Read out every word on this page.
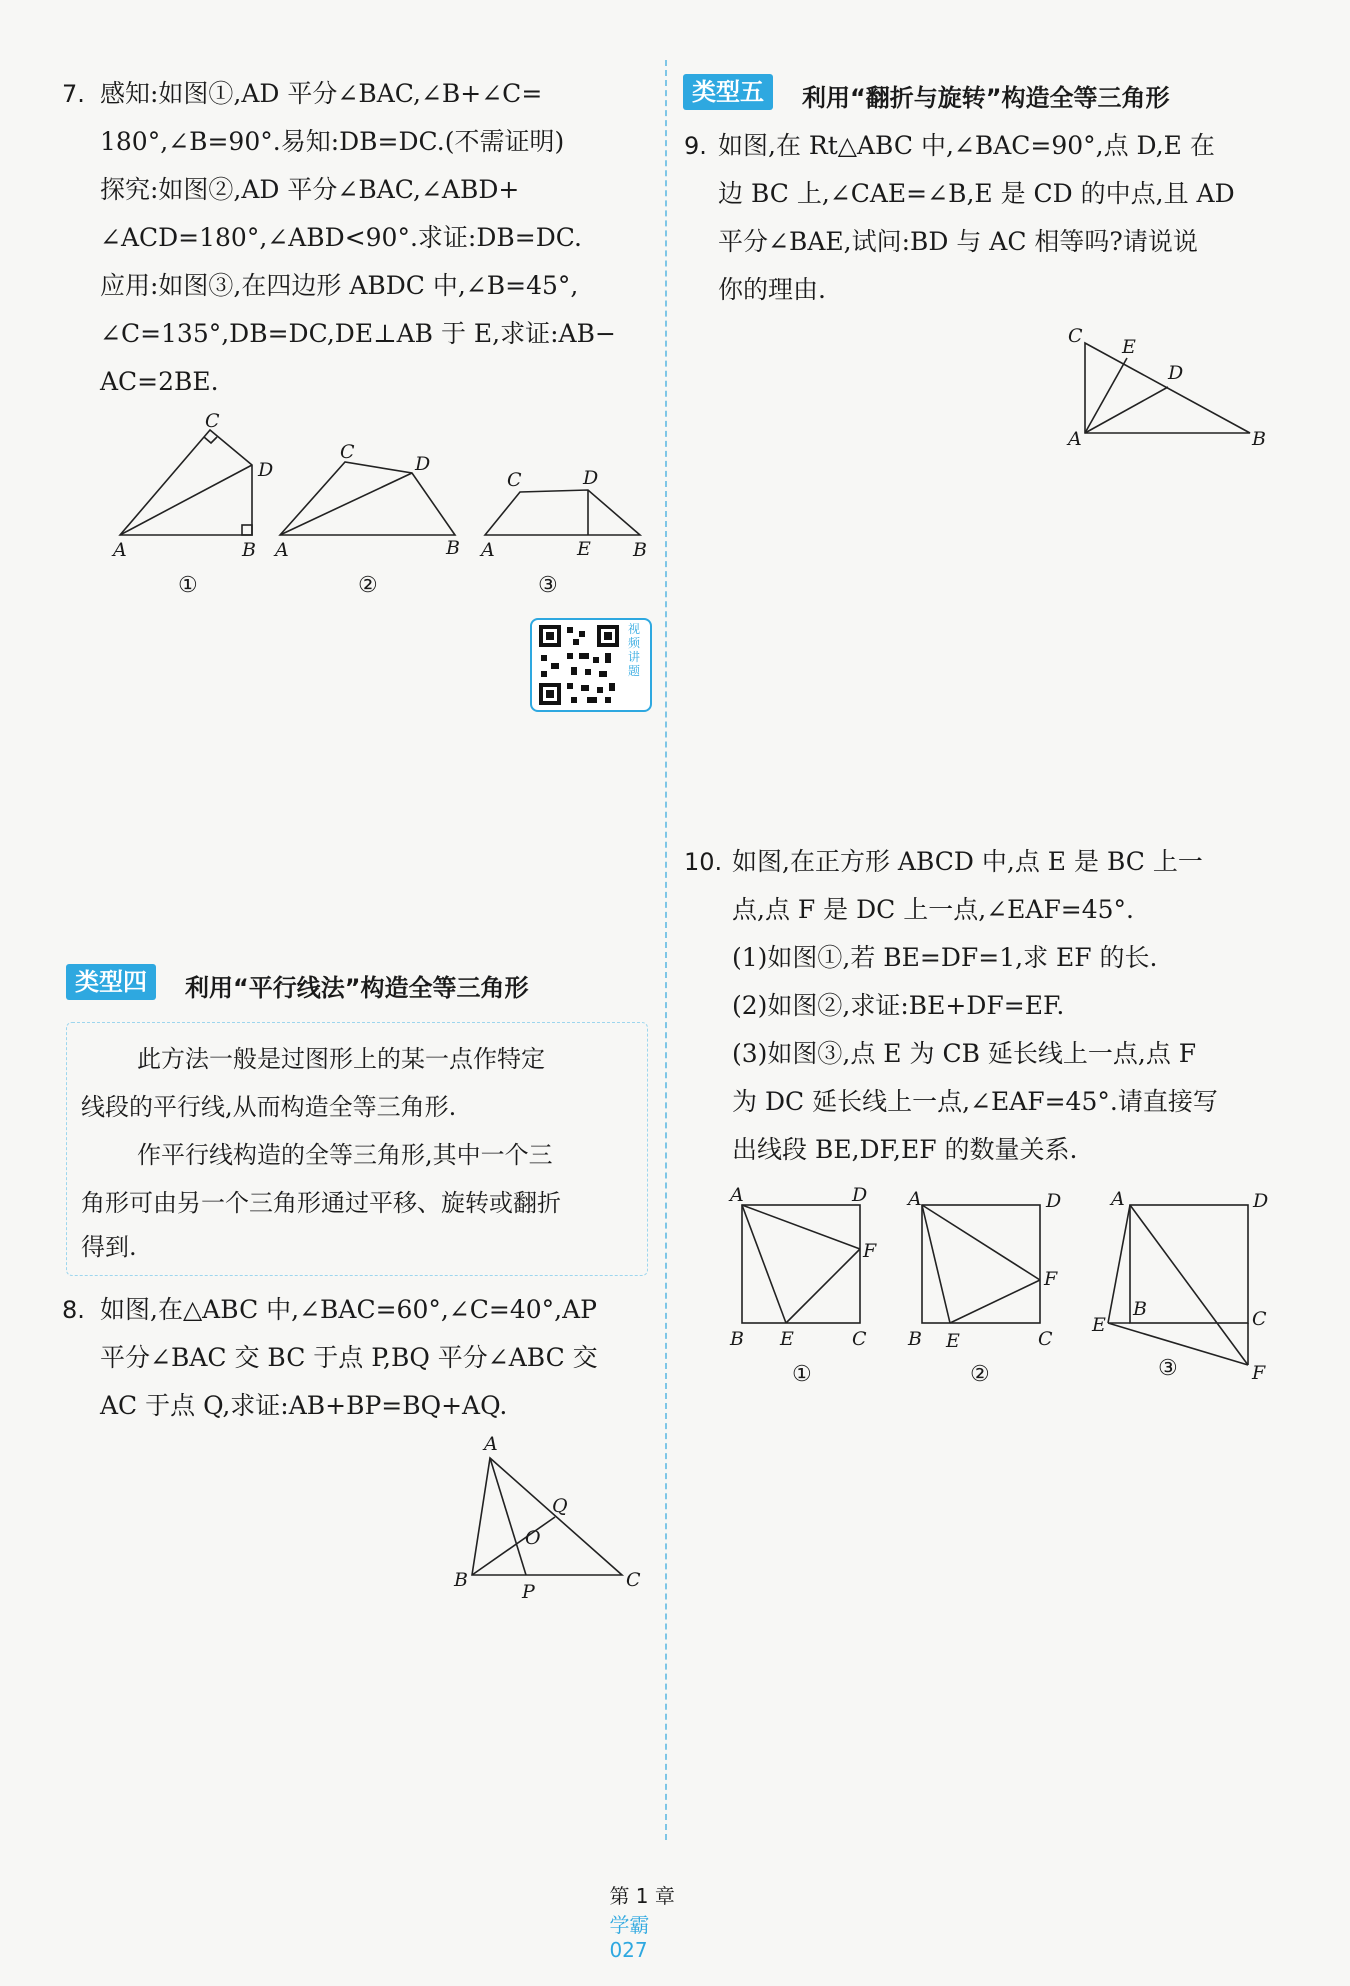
7. 感知:如图①,AD 平分∠BAC,∠B+∠C=
180°,∠B=90°.易知:DB=DC.(不需证明)
探究:如图②,AD 平分∠BAC,∠ABD+
∠ACD=180°,∠ABD<90°.求证:DB=DC.
应用:如图③,在四边形 ABDC 中,∠B=45°,
∠C=135°,DB=DC,DE⊥AB 于 E,求证:AB−
AC=2BE.
C
D
A	B
C
D
A	B
C	D
A	E B
①	②	③
视频讲题
类型四	利用“平行线法”构造全等三角形
此方法一般是过图形上的某一点作特定
线段的平行线,从而构造全等三角形.
作平行线构造的全等三角形,其中一个三
角形可由另一个三角形通过平移、旋转或翻折
得到.
8. 如图,在△ABC 中,∠BAC=60°,∠C=40°,AP
平分∠BAC 交 BC 于点 P,BQ 平分∠ABC 交
AC 于点 Q,求证:AB+BP=BQ+AQ.
A
Q
O
B	C
P
类型五	利用“翻折与旋转”构造全等三角形
9. 如图,在 Rt△ABC 中,∠BAC=90°,点 D,E 在
边 BC 上,∠CAE=∠B,E 是 CD 的中点,且 AD
平分∠BAE,试问:BD 与 AC 相等吗?请说说
你的理由.
C E
D
A	B
10. 如图,在正方形 ABCD 中,点 E 是 BC 上一
点,点 F 是 DC 上一点,∠EAF=45°.
(1)如图①,若 BE=DF=1,求 EF 的长.
(2)如图②,求证:BE+DF=EF.
(3)如图③,点 E 为 CB 延长线上一点,点 F
为 DC 延长线上一点,∠EAF=45°.请直接写
出线段 BE,DF,EF 的数量关系.
A	D
F
B E	C
A	D
F
B E	C
A	D
B	C
E
F
①	②	③

第 1 章
学霸
027
